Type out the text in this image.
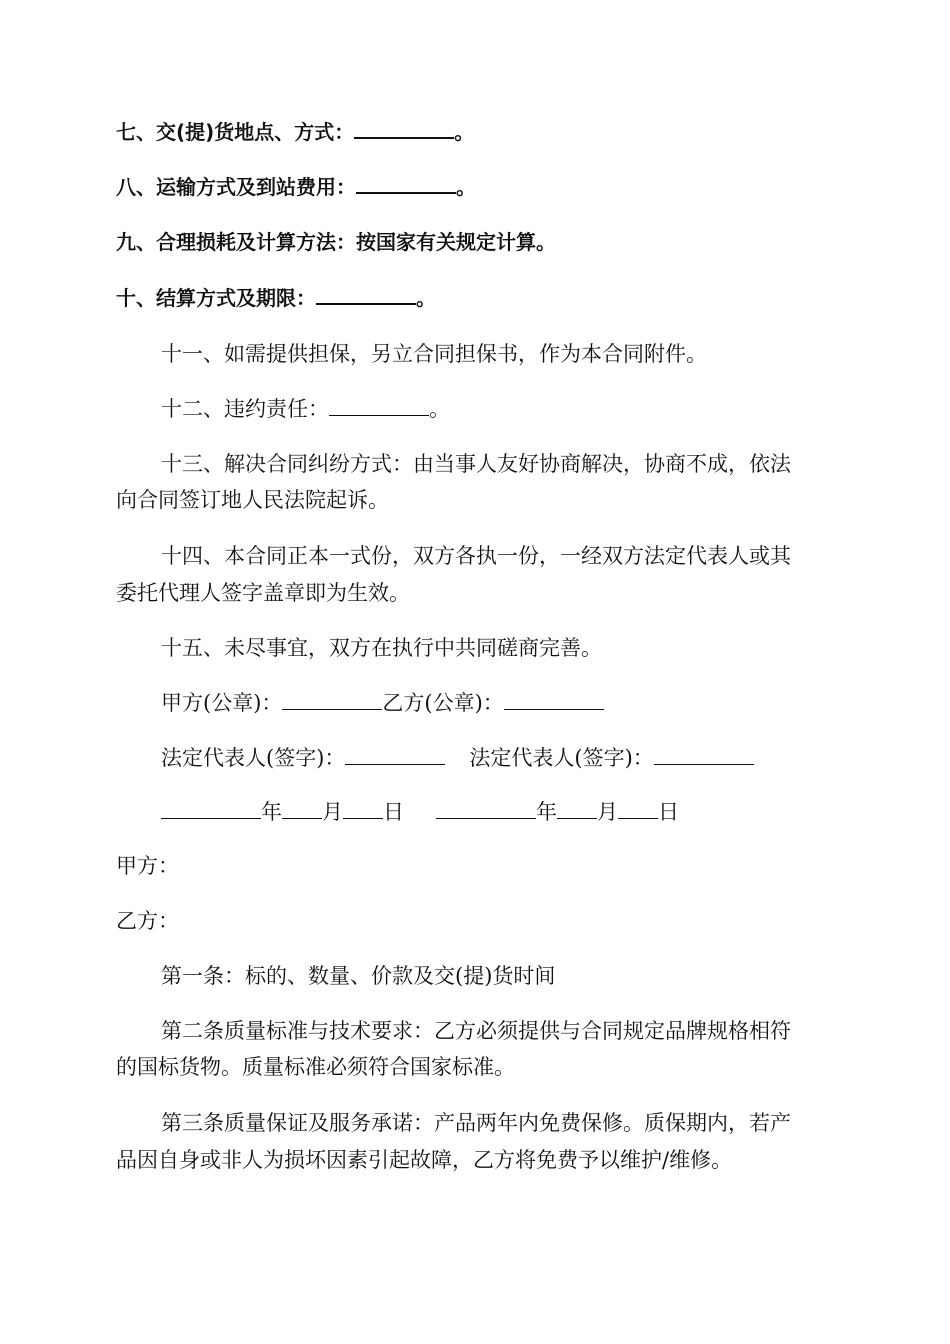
七、交(提)货地点、方式：	。
八、运输方式及到站费用：	。
九、合理损耗及计算方法：按国家有关规定计算。
十、结算方式及期限：	。
十一、如需提供担保，另立合同担保书，作为本合同附件。
十二、违约责任：	。
十三、解决合同纠纷方式：由当事人友好协商解决，协商不成，依法
向合同签订地人民法院起诉。
十四、本合同正本一式份，双方各执一份，一经双方法定代表人或其
委托代理人签字盖章即为生效。
十五、未尽事宜，双方在执行中共同磋商完善。
甲方(公章)：	乙方(公章)：
法定代表人(签字)：	法定代表人(签字)：
年 月 日	年 月 日
甲方：
乙方：
第一条：标的、数量、价款及交(提)货时间
第二条质量标准与技术要求：乙方必须提供与合同规定品牌规格相符
的国标货物。质量标准必须符合国家标准。
第三条质量保证及服务承诺：产品两年内免费保修。质保期内，若产
品因自身或非人为损坏因素引起故障，乙方将免费予以维护/维修。
